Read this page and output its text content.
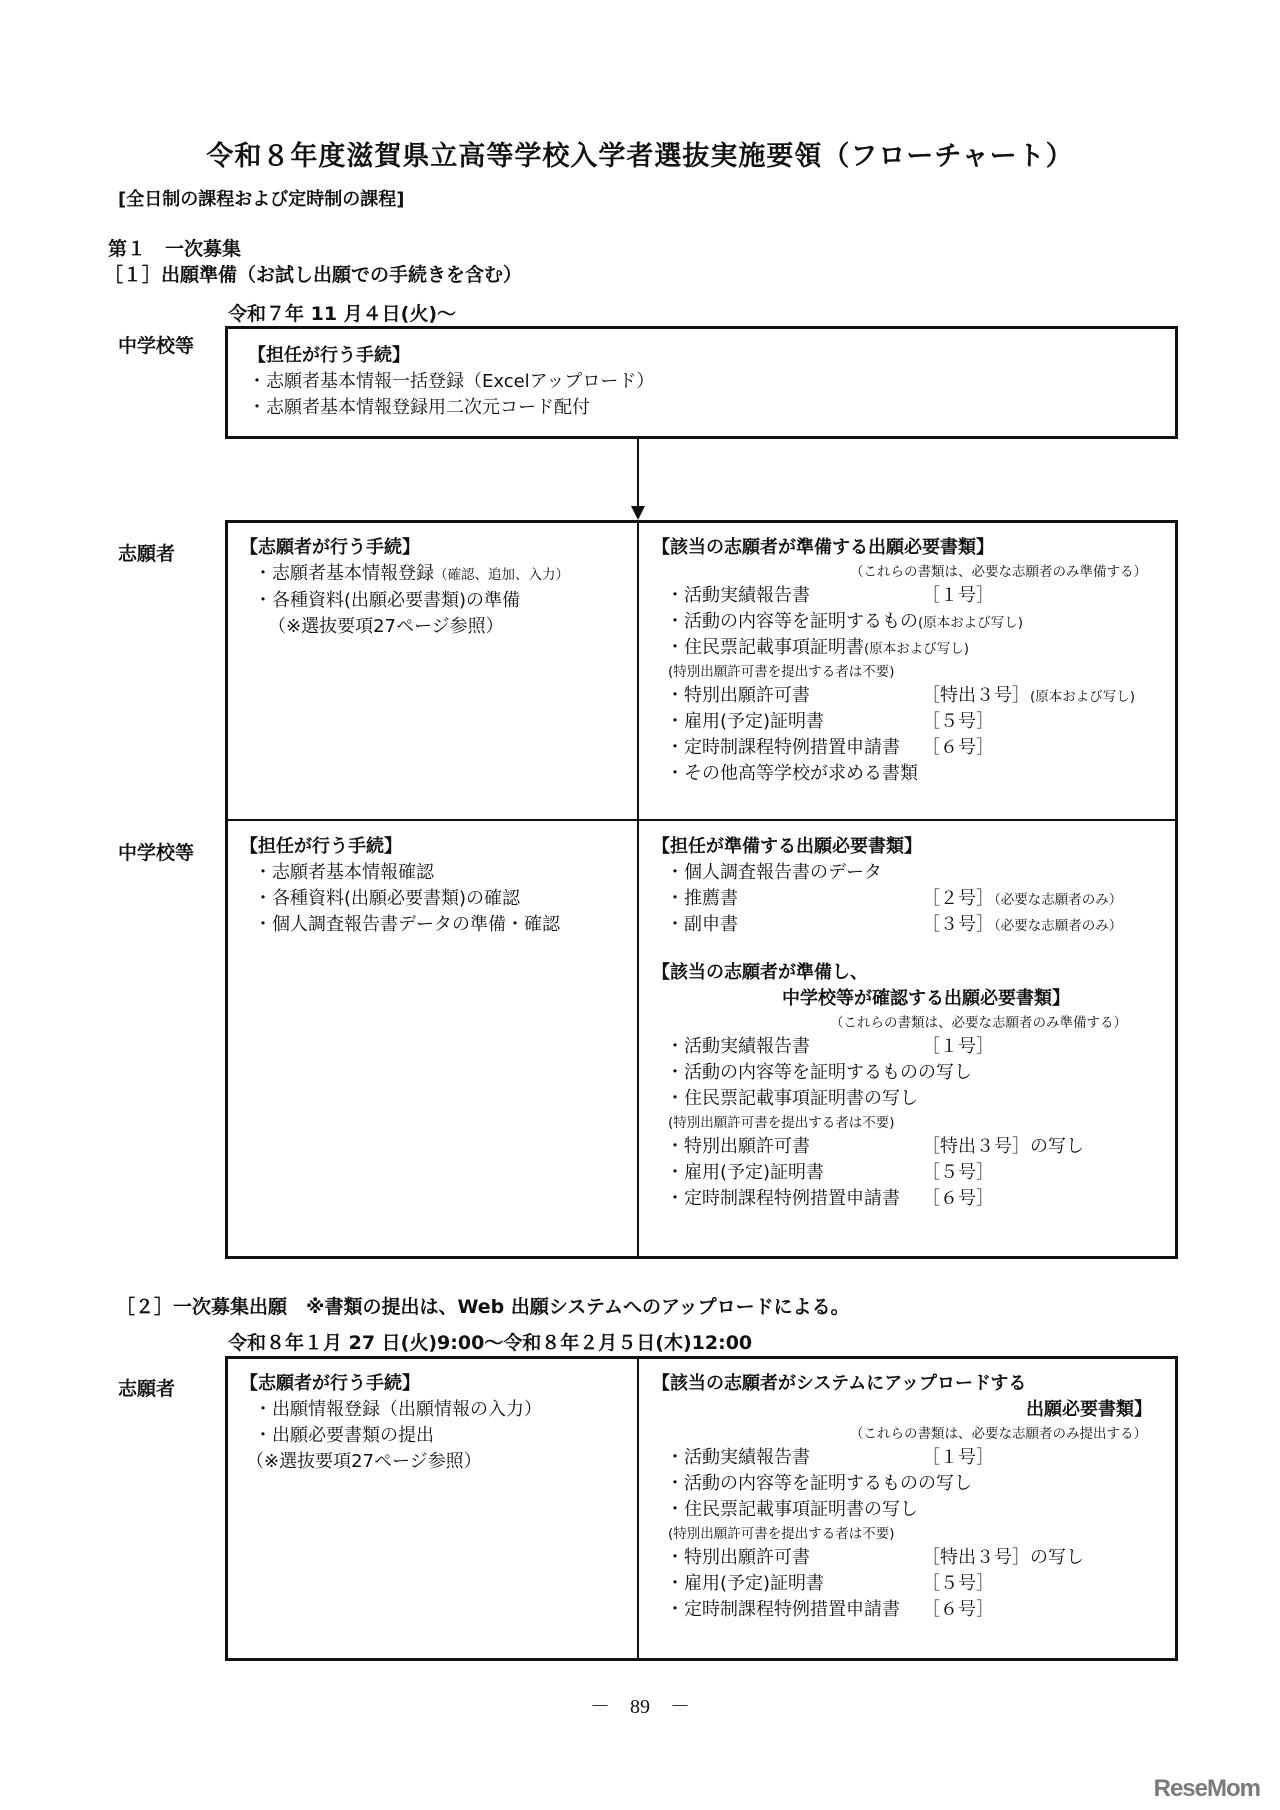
令和８年度滋賀県立高等学校入学者選抜実施要領（フローチャート）
[全日制の課程および定時制の課程]
第１　一次募集
［１］出願準備（お試し出願での手続きを含む）
令和７年 11 月４日(火)～
中学校等	【担任が行う手続】
・志願者基本情報一括登録（Excelアップロード）
・志願者基本情報登録用二次元コード配付
志願者
中学校等
【志願者が行う手続】
・志願者基本情報登録（確認、追加、入力）
・各種資料(出願必要書類)の準備
（※選抜要項27ページ参照）
【該当の志願者が準備する出願必要書類】
（これらの書類は、必要な志願者のみ準備する）
・活動実績報告書	［１号］
・活動の内容等を証明するもの(原本および写し)
・住民票記載事項証明書(原本および写し)
(特別出願許可書を提出する者は不要)
・特別出願許可書	［特出３号］(原本および写し)
・雇用(予定)証明書	［５号］
・定時制課程特例措置申請書 ［６号］
・その他高等学校が求める書類
【担任が行う手続】
・志願者基本情報確認
・各種資料(出願必要書類)の確認
・個人調査報告書データの準備・確認
【担任が準備する出願必要書類】
・個人調査報告書のデータ
・推薦書	［２号］（必要な志願者のみ）
・副申書	［３号］（必要な志願者のみ）
【該当の志願者が準備し、
中学校等が確認する出願必要書類】
（これらの書類は、必要な志願者のみ準備する）
・活動実績報告書	［１号］
・活動の内容等を証明するものの写し
・住民票記載事項証明書の写し
(特別出願許可書を提出する者は不要)
・特別出願許可書	［特出３号］の写し
・雇用(予定)証明書	［５号］
・定時制課程特例措置申請書 ［６号］
［２］一次募集出願　※書類の提出は、Web 出願システムへのアップロードによる。
令和８年１月 27 日(火)9:00～令和８年２月５日(木)12:00
志願者	【志願者が行う手続】
・出願情報登録（出願情報の入力）
・出願必要書類の提出
（※選抜要項27ページ参照）
【該当の志願者がシステムにアップロードする
出願必要書類】
（これらの書類は、必要な志願者のみ提出する）
・活動実績報告書	［１号］
・活動の内容等を証明するものの写し
・住民票記載事項証明書の写し
(特別出願許可書を提出する者は不要)
・特別出願許可書	［特出３号］の写し
・雇用(予定)証明書	［５号］
・定時制課程特例措置申請書 ［６号］
－　89　－
ReseMom
